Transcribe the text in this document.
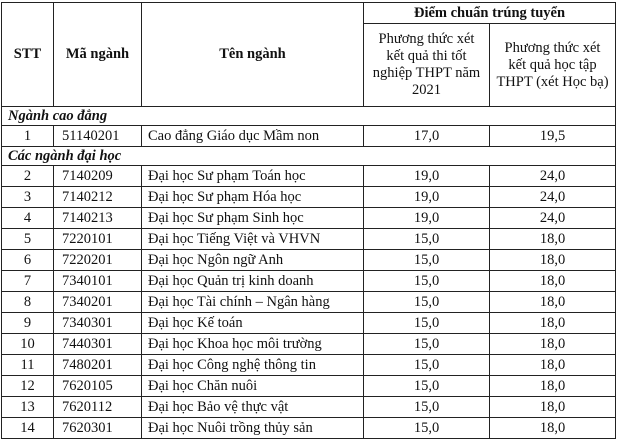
STT	Mã ngành	Tên ngành	Điểm chuẩn trúng tuyển	
			Phương thức xét kết quả thi tốt nghiệp THPT năm 2021	Phương thức xét kết quả học tập THPT (xét Học bạ)
Ngành cao đẳng				
1	51140201	Cao đẳng Giáo dục Mầm non	17,0	19,5
Các ngành đại học				
2	7140209	Đại học Sư phạm Toán học	19,0	24,0
3	7140212	Đại học Sư phạm Hóa học	19,0	24,0
4	7140213	Đại học Sư phạm Sinh học	19,0	24,0
5	7220101	Đại học Tiếng Việt và VHVN	15,0	18,0
6	7220201	Đại học Ngôn ngữ Anh	15,0	18,0
7	7340101	Đại học Quản trị kinh doanh	15,0	18,0
8	7340201	Đại học Tài chính – Ngân hàng	15,0	18,0
9	7340301	Đại học Kế toán	15,0	18,0
10	7440301	Đại học Khoa học môi trường	15,0	18,0
11	7480201	Đại học Công nghệ thông tin	15,0	18,0
12	7620105	Đại học Chăn nuôi	15,0	18,0
13	7620112	Đại học Bảo vệ thực vật	15,0	18,0
14	7620301	Đại học Nuôi trồng thủy sản	15,0	18,0
